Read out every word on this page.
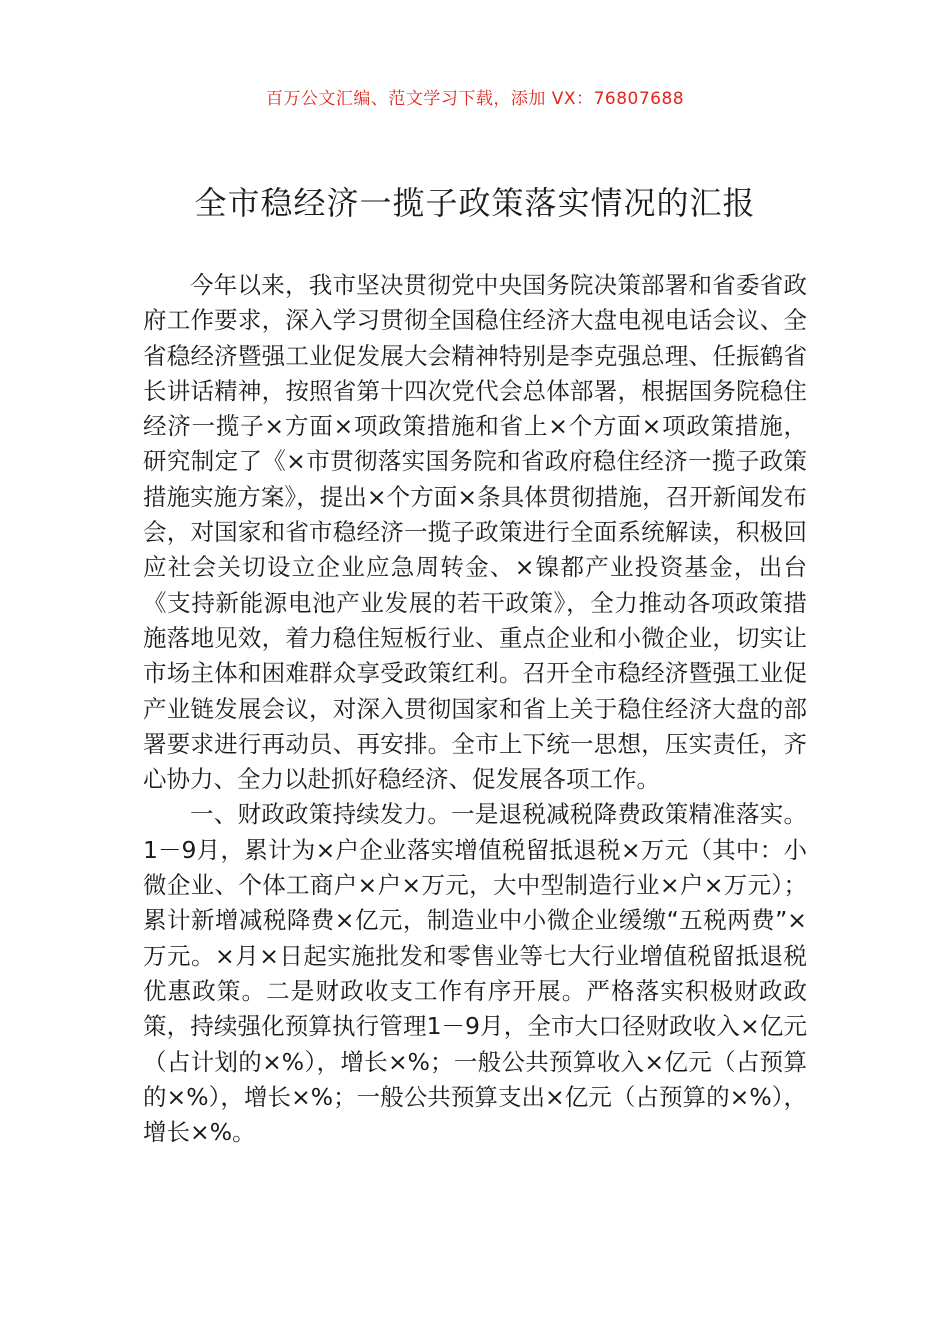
百万公文汇编、范文学习下载，添加 VX：76807688
全市稳经济一揽子政策落实情况的汇报

今年以来，我市坚决贯彻党中央国务院决策部署和省委省政府工作要求，深入学习贯彻全国稳住经济大盘电视电话会议、全省稳经济暨强工业促发展大会精神特别是李克强总理、任振鹤省长讲话精神，按照省第十四次党代会总体部署，根据国务院稳住经济一揽子×方面×项政策措施和省上×个方面×项政策措施，研究制定了《×市贯彻落实国务院和省政府稳住经济一揽子政策措施实施方案》，提出×个方面×条具体贯彻措施，召开新闻发布会，对国家和省市稳经济一揽子政策进行全面系统解读，积极回应社会关切设立企业应急周转金、×镍都产业投资基金，出台《支持新能源电池产业发展的若干政策》，全力推动各项政策措施落地见效，着力稳住短板行业、重点企业和小微企业，切实让市场主体和困难群众享受政策红利。召开全市稳经济暨强工业促产业链发展会议，对深入贯彻国家和省上关于稳住经济大盘的部署要求进行再动员、再安排。全市上下统一思想，压实责任，齐心协力、全力以赴抓好稳经济、促发展各项工作。

一、财政政策持续发力。一是退税减税降费政策精准落实。1－9月，累计为×户企业落实增值税留抵退税×万元（其中：小微企业、个体工商户×户×万元，大中型制造行业×户×万元）；累计新增减税降费×亿元，制造业中小微企业缓缴“五税两费”×万元。×月×日起实施批发和零售业等七大行业增值税留抵退税优惠政策。二是财政收支工作有序开展。严格落实积极财政政策，持续强化预算执行管理1－9月，全市大口径财政收入×亿元（占计划的×%），增长×%；一般公共预算收入×亿元（占预算的×%），增长×%；一般公共预算支出×亿元（占预算的×%），增长×%。
